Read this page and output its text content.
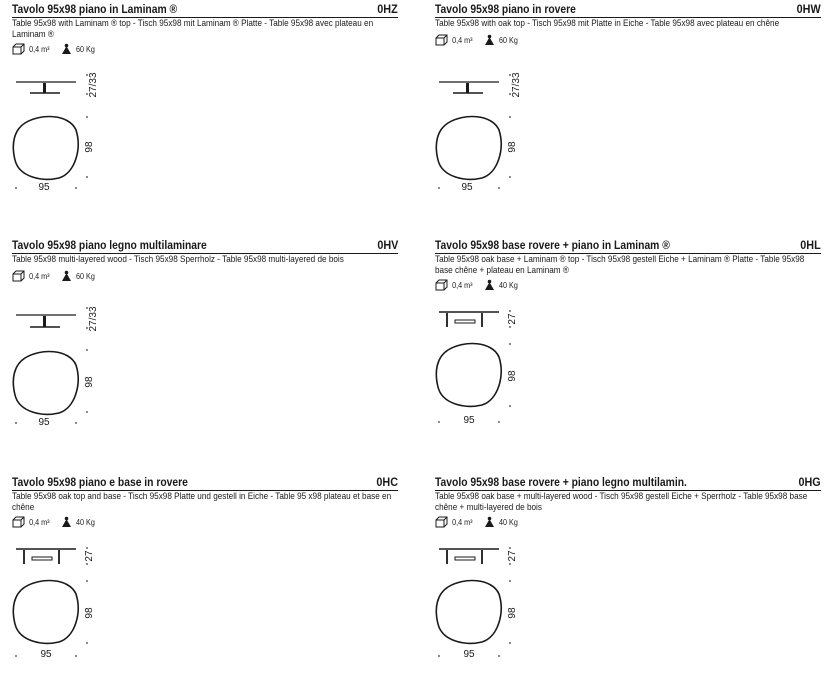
Tavolo 95x98 piano in Laminam ®	0HZ
Table 95x98 with Laminam ® top - Tisch 95x98 mit Laminam ® Platte - Table 95x98 avec plateau en Laminam ®
0,4 m³	60 Kg
27/33
98
95
Tavolo 95x98 piano in rovere	0HW
Table 95x98 with oak top - Tisch 95x98 mit Platte in Eiche - Table 95x98 avec plateau en chêne
0,4 m³	60 Kg
27/33
98
95
Tavolo 95x98 piano legno multilaminare	0HV
Table 95x98 multi-layered wood - Tisch 95x98 Sperrholz - Table 95x98 multi-layered de bois
0,4 m³	60 Kg
27/33
98
95
Tavolo 95x98 base rovere + piano in Laminam ®	0HL
Table 95x98 oak base + Laminam ® top - Tisch 95x98 gestell Eiche + Laminam ® Platte - Table 95x98 base chêne + plateau en Laminam ®
0,4 m³	40 Kg
27
98
95
Tavolo 95x98 piano e base in rovere	0HC
Table 95x98 oak top and base - Tisch 95x98 Platte und gestell in Eiche - Table 95 x98 plateau et base en chêne
0,4 m³	40 Kg
27
98
95
Tavolo 95x98 base rovere + piano legno multilamin.	0HG
Table 95x98 oak base + multi-layered wood - Tisch 95x98 gestell Eiche + Sperrholz - Table 95x98 base chêne + multi-layered de bois
0,4 m³	40 Kg
27
98
95
